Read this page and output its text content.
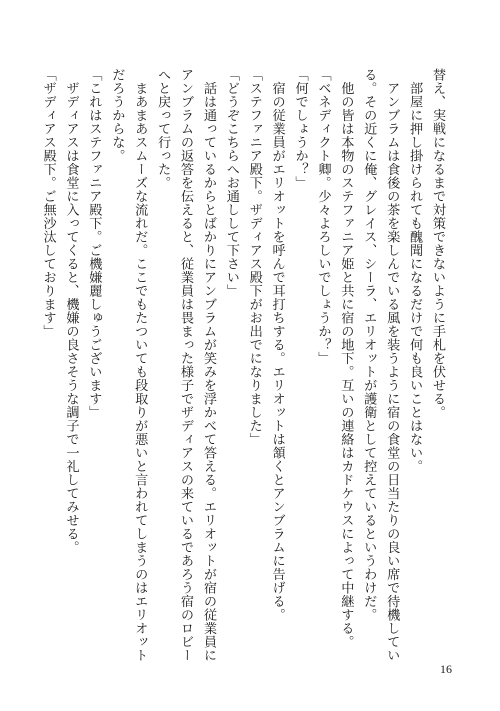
替え、実戦になるまで対策できないように手札を伏せる。

　部屋に押し掛けられても醜聞になるだけで何も良いことはない。

　アンブラムは食後の茶を楽しんでいる風を装うように宿の食堂の日当たりの良い席で待機してい

る。その近くに俺、グレイス、シーラ、エリオットが護衛として控えているというわけだ。

　他の皆は本物のステファニア姫と共に宿の地下。互いの連絡はカドケウスによって中継する。

「ベネディクト卿。少々よろしいでしょうか？」

「何でしょうか？」

　宿の従業員がエリオットを呼んで耳打ちする。エリオットは頷くとアンブラムに告げる。

「ステファニア殿下。ザディアス殿下がお出でになりました」

「どうぞこちらへお通しして下さい」

　話は通っているからとばかりにアンブラムが笑みを浮かべて答える。エリオットが宿の従業員に

アンブラムの返答を伝えると、従業員は畏まった様子でザディアスの来ているであろう宿のロビー

へと戻って行った。

　まあまあスムーズな流れだ。ここでもたついても段取りが悪いと言われてしまうのはエリオット

だろうからな。

「これはステファニア殿下。ご機嫌麗しゅうございます」

　ザディアスは食堂に入ってくると、機嫌の良さそうな調子で一礼してみせる。

「ザディアス殿下。ご無沙汰しております」

16
